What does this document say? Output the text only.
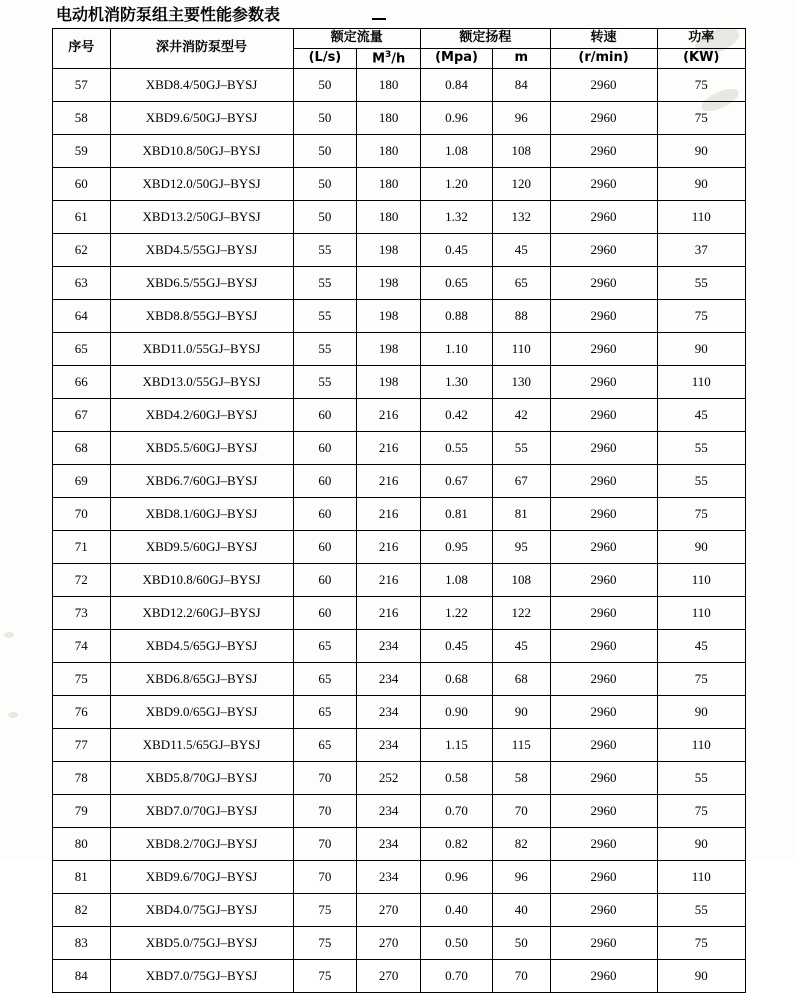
电动机消防泵组主要性能参数表
序号	深井消防泵型号	额定流量		额定扬程		转速	功率
		(L/s)	$M^3/h$	(Mpa)	m	(r/min)	(KW)
57	XBD8.4/50GJ–BYSJ	50	180	0.84	84	2960	75
58	XBD9.6/50GJ–BYSJ	50	180	0.96	96	2960	75
59	XBD10.8/50GJ–BYSJ	50	180	1.08	108	2960	90
60	XBD12.0/50GJ–BYSJ	50	180	1.20	120	2960	90
61	XBD13.2/50GJ–BYSJ	50	180	1.32	132	2960	110
62	XBD4.5/55GJ–BYSJ	55	198	0.45	45	2960	37
63	XBD6.5/55GJ–BYSJ	55	198	0.65	65	2960	55
64	XBD8.8/55GJ–BYSJ	55	198	0.88	88	2960	75
65	XBD11.0/55GJ–BYSJ	55	198	1.10	110	2960	90
66	XBD13.0/55GJ–BYSJ	55	198	1.30	130	2960	110
67	XBD4.2/60GJ–BYSJ	60	216	0.42	42	2960	45
68	XBD5.5/60GJ–BYSJ	60	216	0.55	55	2960	55
69	XBD6.7/60GJ–BYSJ	60	216	0.67	67	2960	55
70	XBD8.1/60GJ–BYSJ	60	216	0.81	81	2960	75
71	XBD9.5/60GJ–BYSJ	60	216	0.95	95	2960	90
72	XBD10.8/60GJ–BYSJ	60	216	1.08	108	2960	110
73	XBD12.2/60GJ–BYSJ	60	216	1.22	122	2960	110
74	XBD4.5/65GJ–BYSJ	65	234	0.45	45	2960	45
75	XBD6.8/65GJ–BYSJ	65	234	0.68	68	2960	75
76	XBD9.0/65GJ–BYSJ	65	234	0.90	90	2960	90
77	XBD11.5/65GJ–BYSJ	65	234	1.15	115	2960	110
78	XBD5.8/70GJ–BYSJ	70	252	0.58	58	2960	55
79	XBD7.0/70GJ–BYSJ	70	234	0.70	70	2960	75
80	XBD8.2/70GJ–BYSJ	70	234	0.82	82	2960	90
81	XBD9.6/70GJ–BYSJ	70	234	0.96	96	2960	110
82	XBD4.0/75GJ–BYSJ	75	270	0.40	40	2960	55
83	XBD5.0/75GJ–BYSJ	75	270	0.50	50	2960	75
84	XBD7.0/75GJ–BYSJ	75	270	0.70	70	2960	90
